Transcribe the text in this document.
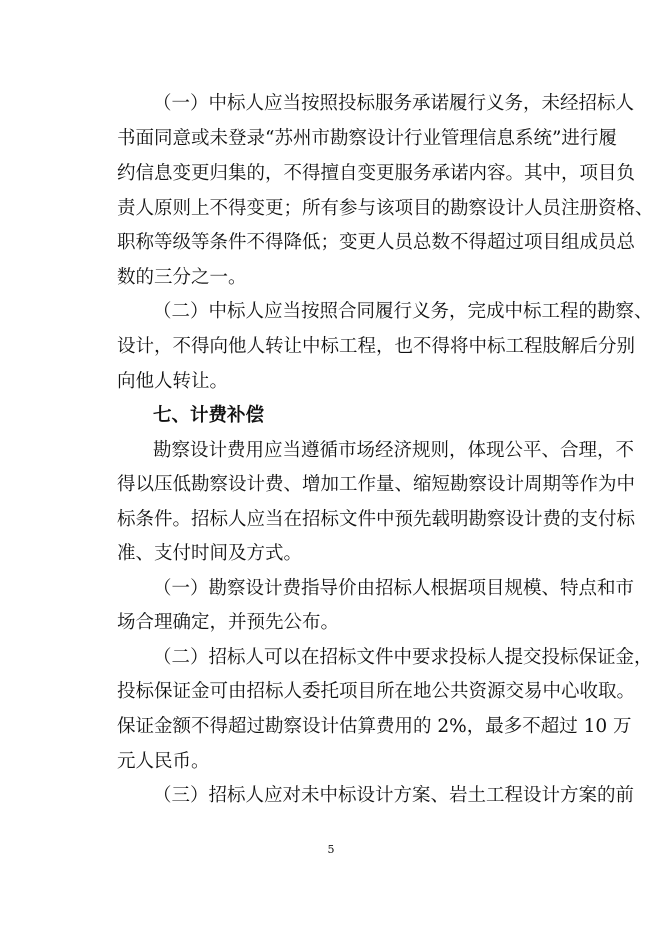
（一）中标人应当按照投标服务承诺履行义务，未经招标人
书面同意或未登录“苏州市勘察设计行业管理信息系统”进行履
约信息变更归集的，不得擅自变更服务承诺内容。其中，项目负
责人原则上不得变更；所有参与该项目的勘察设计人员注册资格、
职称等级等条件不得降低；变更人员总数不得超过项目组成员总
数的三分之一。
（二）中标人应当按照合同履行义务，完成中标工程的勘察、
设计，不得向他人转让中标工程，也不得将中标工程肢解后分别
向他人转让。
七、计费补偿
勘察设计费用应当遵循市场经济规则，体现公平、合理，不
得以压低勘察设计费、增加工作量、缩短勘察设计周期等作为中
标条件。招标人应当在招标文件中预先载明勘察设计费的支付标
准、支付时间及方式。
（一）勘察设计费指导价由招标人根据项目规模、特点和市
场合理确定，并预先公布。
（二）招标人可以在招标文件中要求投标人提交投标保证金，
投标保证金可由招标人委托项目所在地公共资源交易中心收取。
保证金额不得超过勘察设计估算费用的 2%，最多不超过 10 万
元人民币。
（三）招标人应对未中标设计方案、岩土工程设计方案的前
5
